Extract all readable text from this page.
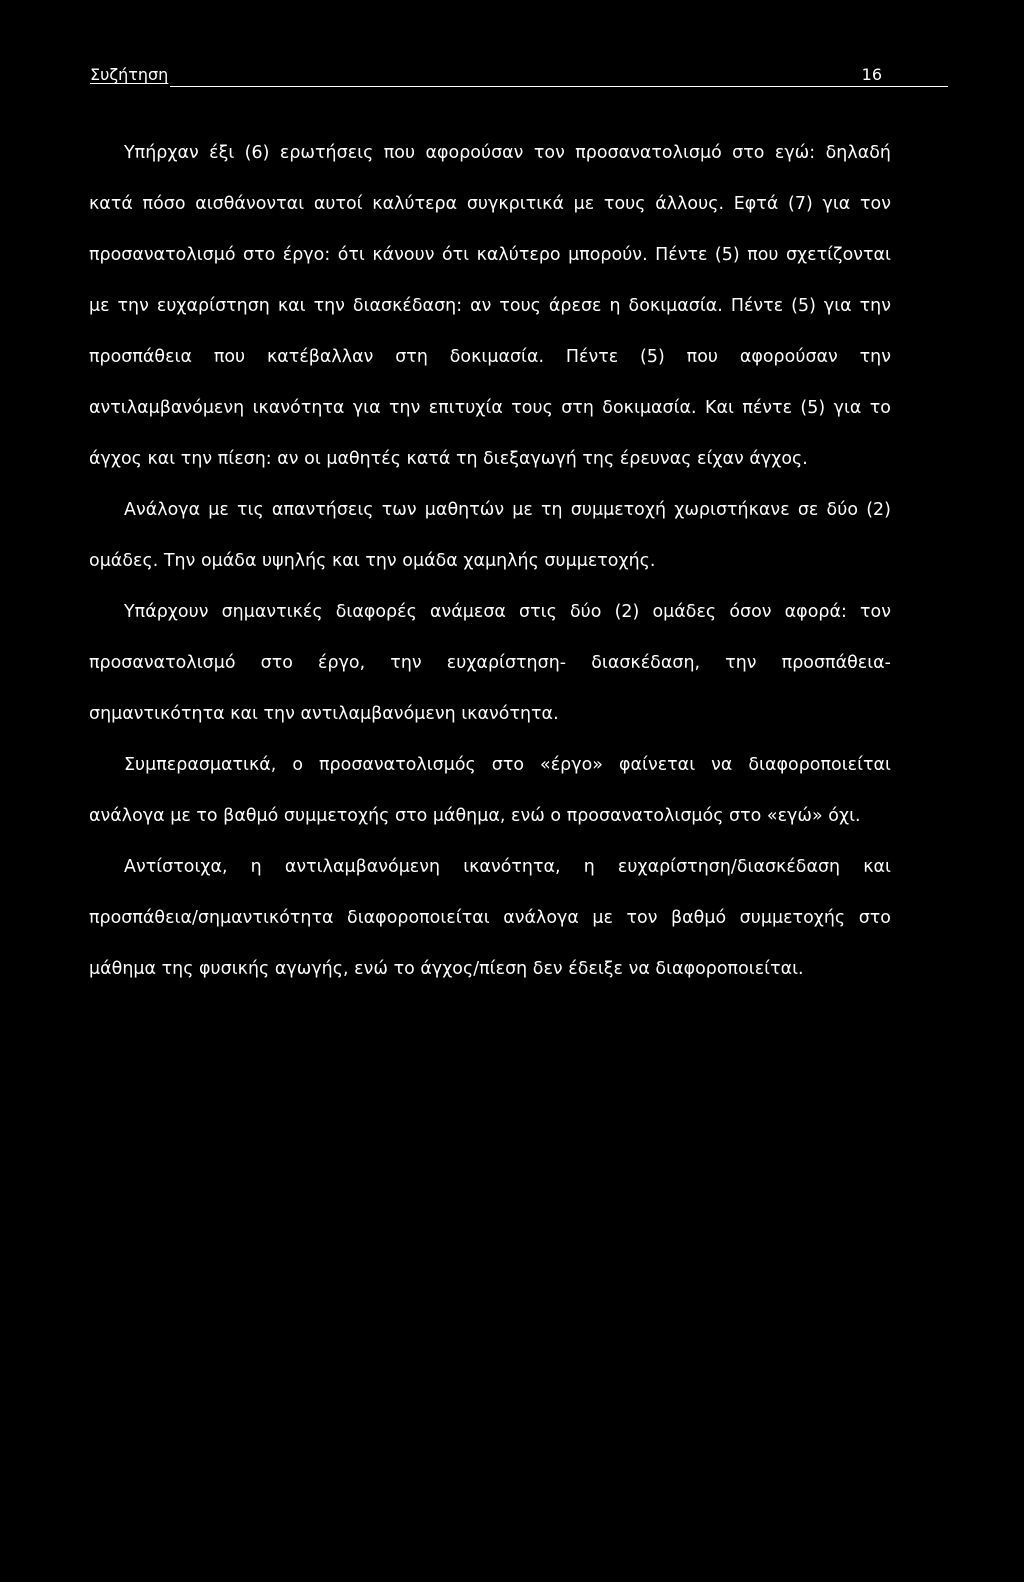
Συζήτηση	16

Υπήρχαν έξι (6) ερωτήσεις που αφορούσαν τον προσανατολισμό στο εγώ: δηλαδή κατά πόσο αισθάνονται αυτοί καλύτερα συγκριτικά με τους άλλους. Εφτά (7) για τον προσανατολισμό στο έργο: ότι κάνουν ότι καλύτερο μπορούν. Πέντε (5) που σχετίζονται με την ευχαρίστηση και την διασκέδαση: αν τους άρεσε η δοκιμασία. Πέντε (5) για την προσπάθεια που κατέβαλλαν στη δοκιμασία. Πέντε (5) που αφορούσαν την αντιλαμβανόμενη ικανότητα για την επιτυχία τους στη δοκιμασία. Και πέντε (5) για το άγχος και την πίεση: αν οι μαθητές κατά τη διεξαγωγή της έρευνας είχαν άγχος.

Ανάλογα με τις απαντήσεις των μαθητών με τη συμμετοχή χωριστήκανε σε δύο (2) ομάδες. Την ομάδα υψηλής και την ομάδα χαμηλής συμμετοχής.

Υπάρχουν σημαντικές διαφορές ανάμεσα στις δύο (2) ομάδες όσον αφορά: τον προσανατολισμό στο έργο, την ευχαρίστηση- διασκέδαση, την προσπάθεια- σημαντικότητα και την αντιλαμβανόμενη ικανότητα.

Συμπερασματικά, ο προσανατολισμός στο «έργο» φαίνεται να διαφοροποιείται ανάλογα με το βαθμό συμμετοχής στο μάθημα, ενώ ο προσανατολισμός στο «εγώ» όχι.

Αντίστοιχα, η αντιλαμβανόμενη ικανότητα, η ευχαρίστηση/διασκέδαση και προσπάθεια/σημαντικότητα διαφοροποιείται ανάλογα με τον βαθμό συμμετοχής στο μάθημα της φυσικής αγωγής, ενώ το άγχος/πίεση δεν έδειξε να διαφοροποιείται.
